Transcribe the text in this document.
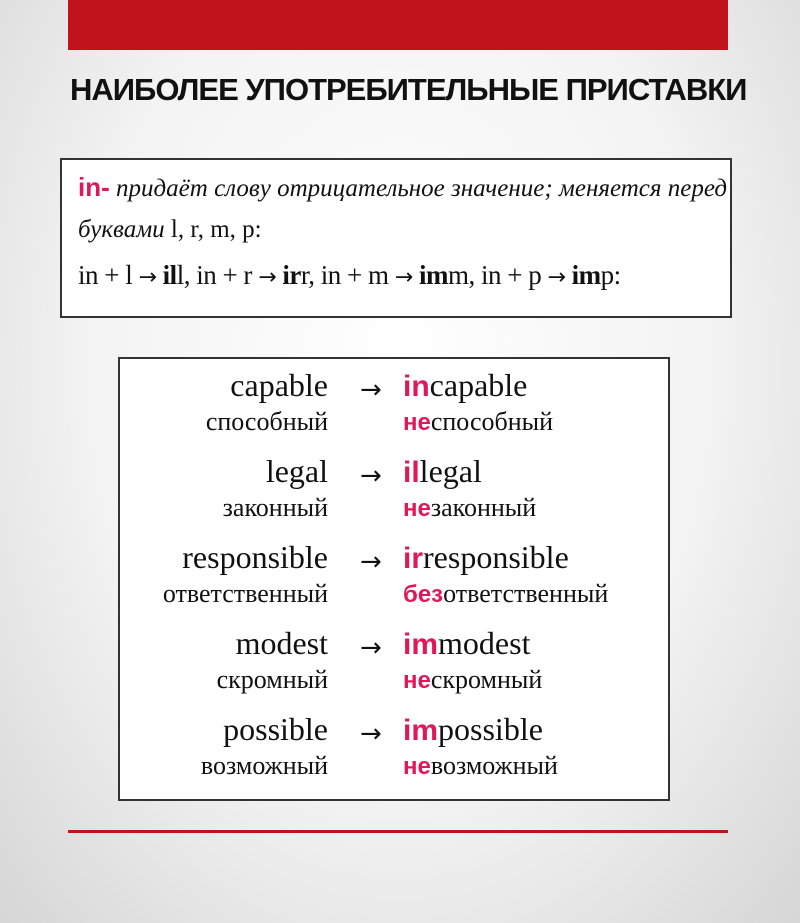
НАИБОЛЕЕ УПОТРЕБИТЕЛЬНЫЕ ПРИСТАВКИ
in- придаёт слову отрицательное значение; меняется перед
буквами l, r, m, p:
in + l → ill, in + r → irr, in + m → imm, in + p → imp:
capable
способный
→ incapable
неспособный
legal
законный
→ illegal
незаконный
responsible
ответственный
→ irresponsible
безответственный
modest
скромный
→ immodest
нескромный
possible
возможный
→ impossible
невозможный
